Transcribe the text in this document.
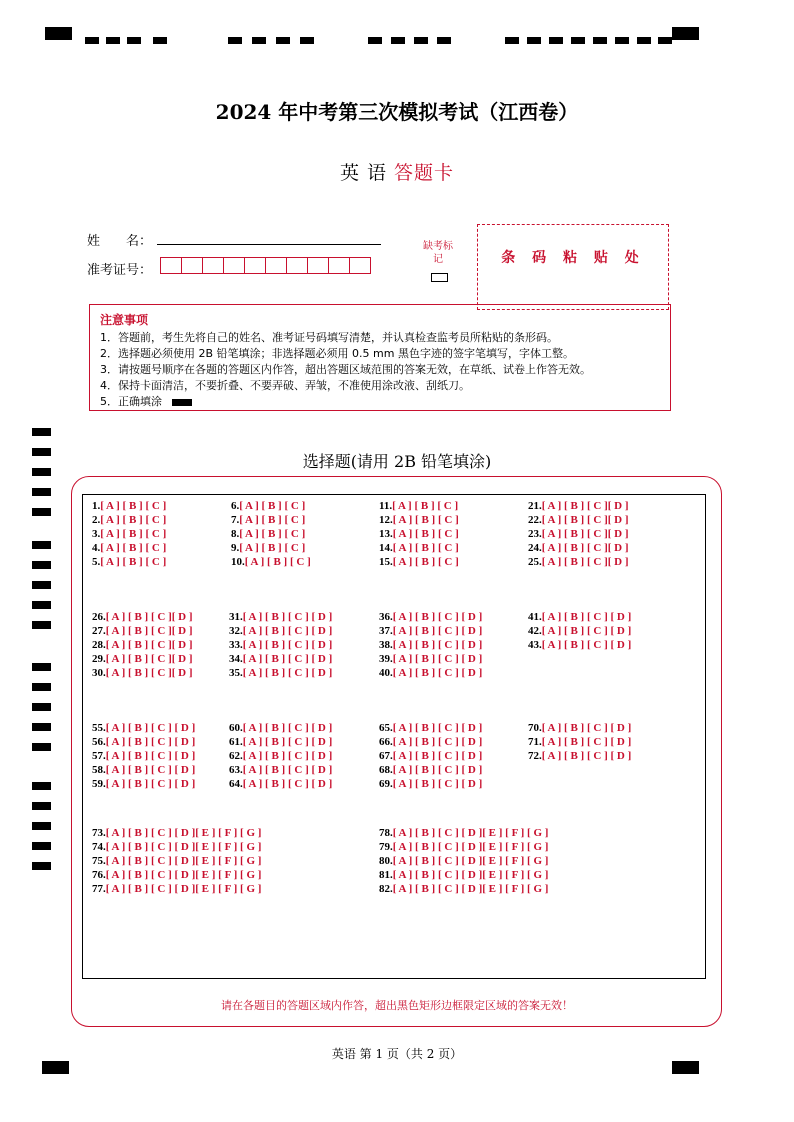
2024 年中考第三次模拟考试（江西卷）
英 语 答题卡
姓　　名：
准考证号：
缺考标记	条 码 粘 贴 处
注意事项
1．答题前，考生先将自己的姓名、准考证号码填写清楚，并认真检查监考员所粘贴的条形码。
2．选择题必须使用 2B 铅笔填涂；非选择题必须用 0.5 mm 黑色字迹的签字笔填写，字体工整。
3．请按题号顺序在各题的答题区内作答，超出答题区域范围的答案无效，在草纸、试卷上作答无效。
4．保持卡面清洁，不要折叠、不要弄破、弄皱，不准使用涂改液、刮纸刀。
5．正确填涂
选择题(请用 2B 铅笔填涂)
1.[ A ] [ B ] [ C ]
2.[ A ] [ B ] [ C ]
3.[ A ] [ B ] [ C ]
4.[ A ] [ B ] [ C ]
5.[ A ] [ B ] [ C ]
6.[ A ] [ B ] [ C ]
7.[ A ] [ B ] [ C ]
8.[ A ] [ B ] [ C ]
9.[ A ] [ B ] [ C ]
10.[ A ] [ B ] [ C ]
11.[ A ] [ B ] [ C ]
12.[ A ] [ B ] [ C ]
13.[ A ] [ B ] [ C ]
14.[ A ] [ B ] [ C ]
15.[ A ] [ B ] [ C ]
21.[ A ] [ B ] [ C ][ D ]
22.[ A ] [ B ] [ C ][ D ]
23.[ A ] [ B ] [ C ][ D ]
24.[ A ] [ B ] [ C ][ D ]
25.[ A ] [ B ] [ C ][ D ]
26.[ A ] [ B ] [ C ][ D ]
27.[ A ] [ B ] [ C ][ D ]
28.[ A ] [ B ] [ C ][ D ]
29.[ A ] [ B ] [ C ][ D ]
30.[ A ] [ B ] [ C ][ D ]
31.[ A ] [ B ] [ C ] [ D ]
32.[ A ] [ B ] [ C ] [ D ]
33.[ A ] [ B ] [ C ] [ D ]
34.[ A ] [ B ] [ C ] [ D ]
35.[ A ] [ B ] [ C ] [ D ]
36.[ A ] [ B ] [ C ] [ D ]
37.[ A ] [ B ] [ C ] [ D ]
38.[ A ] [ B ] [ C ] [ D ]
39.[ A ] [ B ] [ C ] [ D ]
40.[ A ] [ B ] [ C ] [ D ]
41.[ A ] [ B ] [ C ] [ D ]
42.[ A ] [ B ] [ C ] [ D ]
43.[ A ] [ B ] [ C ] [ D ]
55.[ A ] [ B ] [ C ] [ D ]
56.[ A ] [ B ] [ C ] [ D ]
57.[ A ] [ B ] [ C ] [ D ]
58.[ A ] [ B ] [ C ] [ D ]
59.[ A ] [ B ] [ C ] [ D ]
60.[ A ] [ B ] [ C ] [ D ]
61.[ A ] [ B ] [ C ] [ D ]
62.[ A ] [ B ] [ C ] [ D ]
63.[ A ] [ B ] [ C ] [ D ]
64.[ A ] [ B ] [ C ] [ D ]
65.[ A ] [ B ] [ C ] [ D ]
66.[ A ] [ B ] [ C ] [ D ]
67.[ A ] [ B ] [ C ] [ D ]
68.[ A ] [ B ] [ C ] [ D ]
69.[ A ] [ B ] [ C ] [ D ]
70.[ A ] [ B ] [ C ] [ D ]
71.[ A ] [ B ] [ C ] [ D ]
72.[ A ] [ B ] [ C ] [ D ]
73.[ A ] [ B ] [ C ] [ D ][ E ] [ F ] [ G ]
74.[ A ] [ B ] [ C ] [ D ][ E ] [ F ] [ G ]
75.[ A ] [ B ] [ C ] [ D ][ E ] [ F ] [ G ]
76.[ A ] [ B ] [ C ] [ D ][ E ] [ F ] [ G ]
77.[ A ] [ B ] [ C ] [ D ][ E ] [ F ] [ G ]
78.[ A ] [ B ] [ C ] [ D ][ E ] [ F ] [ G ]
79.[ A ] [ B ] [ C ] [ D ][ E ] [ F ] [ G ]
80.[ A ] [ B ] [ C ] [ D ][ E ] [ F ] [ G ]
81.[ A ] [ B ] [ C ] [ D ][ E ] [ F ] [ G ]
82.[ A ] [ B ] [ C ] [ D ][ E ] [ F ] [ G ]
请在各题目的答题区域内作答，超出黑色矩形边框限定区域的答案无效！
英语 第 1 页（共 2 页）
